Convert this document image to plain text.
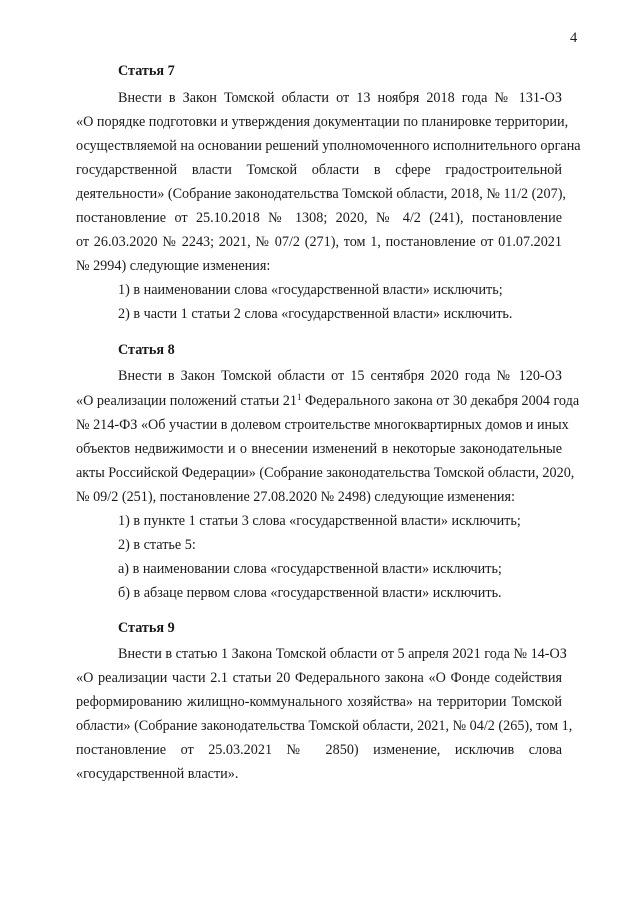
4
Статья 7
Внести в Закон Томской области от 13 ноября 2018 года № 131-ОЗ
«О порядке подготовки и утверждения документации по планировке территории,
осуществляемой на основании решений уполномоченного исполнительного органа
государственной власти Томской области в сфере градостроительной
деятельности» (Собрание законодательства Томской области, 2018, № 11/2 (207),
постановление от 25.10.2018 № 1308; 2020, № 4/2 (241), постановление
от 26.03.2020 № 2243; 2021, № 07/2 (271), том 1, постановление от 01.07.2021
№ 2994) следующие изменения:
1) в наименовании слова «государственной власти» исключить;
2) в части 1 статьи 2 слова «государственной власти» исключить.
Статья 8
Внести в Закон Томской области от 15 сентября 2020 года № 120-ОЗ
«О реализации положений статьи $21^1$ Федерального закона от 30 декабря 2004 года
№ 214-ФЗ «Об участии в долевом строительстве многоквартирных домов и иных
объектов недвижимости и о внесении изменений в некоторые законодательные
акты Российской Федерации» (Собрание законодательства Томской области, 2020,
№ 09/2 (251), постановление 27.08.2020 № 2498) следующие изменения:
1) в пункте 1 статьи 3 слова «государственной власти» исключить;
2) в статье 5:
а) в наименовании слова «государственной власти» исключить;
б) в абзаце первом слова «государственной власти» исключить.
Статья 9
Внести в статью 1 Закона Томской области от 5 апреля 2021 года № 14-ОЗ
«О реализации части 2.1 статьи 20 Федерального закона «О Фонде содействия
реформированию жилищно-коммунального хозяйства» на территории Томской
области» (Собрание законодательства Томской области, 2021, № 04/2 (265), том 1,
постановление от 25.03.2021 № 2850) изменение, исключив слова
«государственной власти».
